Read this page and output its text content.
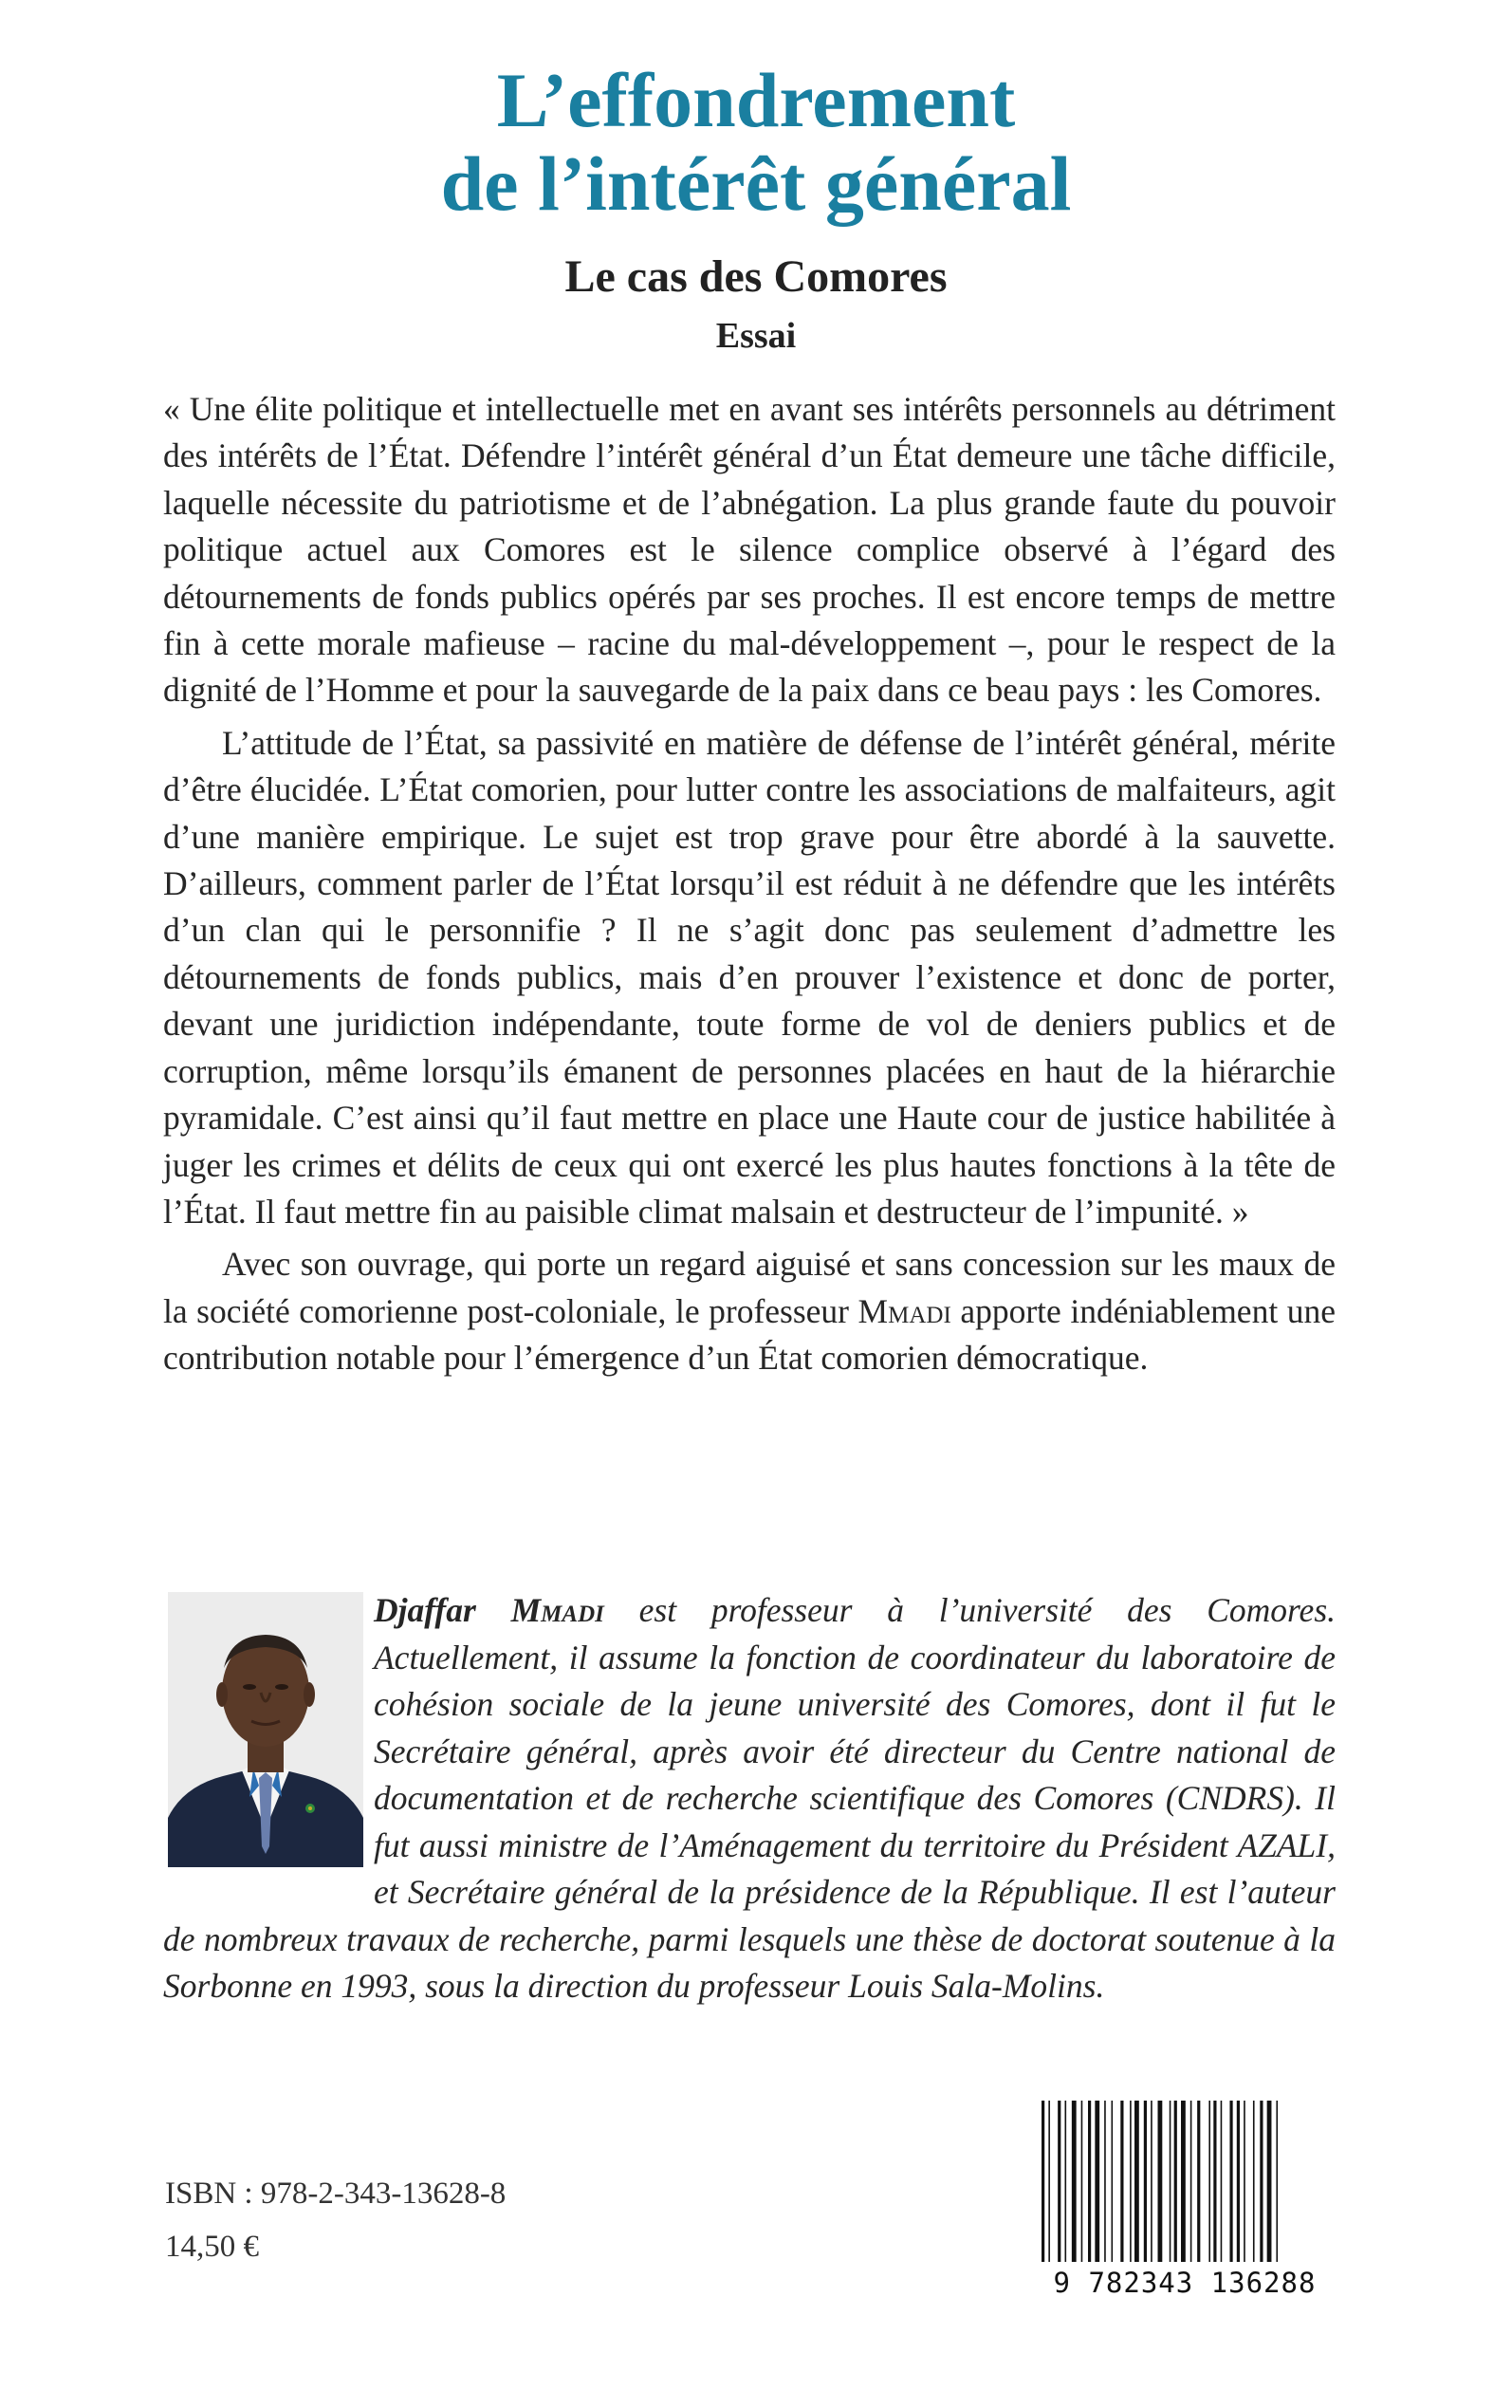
L’effondrement
de l’intérêt général
Le cas des Comores
Essai

« Une élite politique et intellectuelle met en avant ses intérêts personnels au détriment des intérêts de l’État. Défendre l’intérêt général d’un État demeure une tâche difficile, laquelle nécessite du patriotisme et de l’abnégation. La plus grande faute du pouvoir politique actuel aux Comores est le silence complice observé à l’égard des détournements de fonds publics opérés par ses proches. Il est encore temps de mettre fin à cette morale mafieuse – racine du mal-développement –, pour le respect de la dignité de l’Homme et pour la sauvegarde de la paix dans ce beau pays : les Comores.

L’attitude de l’État, sa passivité en matière de défense de l’intérêt général, mérite d’être élucidée. L’État comorien, pour lutter contre les associations de malfaiteurs, agit d’une manière empirique. Le sujet est trop grave pour être abordé à la sauvette. D’ailleurs, comment parler de l’État lorsqu’il est réduit à ne défendre que les intérêts d’un clan qui le personnifie ? Il ne s’agit donc pas seulement d’admettre les détournements de fonds publics, mais d’en prouver l’existence et donc de porter, devant une juridiction indépendante, toute forme de vol de deniers publics et de corruption, même lorsqu’ils émanent de personnes placées en haut de la hiérarchie pyramidale. C’est ainsi qu’il faut mettre en place une Haute cour de justice habilitée à juger les crimes et délits de ceux qui ont exercé les plus hautes fonctions à la tête de l’État. Il faut mettre fin au paisible climat malsain et destructeur de l’impunité. »

Avec son ouvrage, qui porte un regard aiguisé et sans concession sur les maux de la société comorienne post-coloniale, le professeur Mmadi apporte indéniablement une contribution notable pour l’émergence d’un État comorien démocratique.

Djaffar Mmadi est professeur à l’université des Comores. Actuellement, il assume la fonction de coordinateur du laboratoire de cohésion sociale de la jeune université des Comores, dont il fut le Secrétaire général, après avoir été directeur du Centre national de documentation et de recherche scientifique des Comores (CNDRS). Il fut aussi ministre de l’Aménagement du territoire du Président AZALI, et Secrétaire général de la présidence de la République. Il est l’auteur de nombreux travaux de recherche, parmi lesquels une thèse de doctorat soutenue à la Sorbonne en 1993, sous la direction du professeur Louis Sala-Molins.

ISBN : 978-2-343-13628-8

14,50 €

9 782343 136288
